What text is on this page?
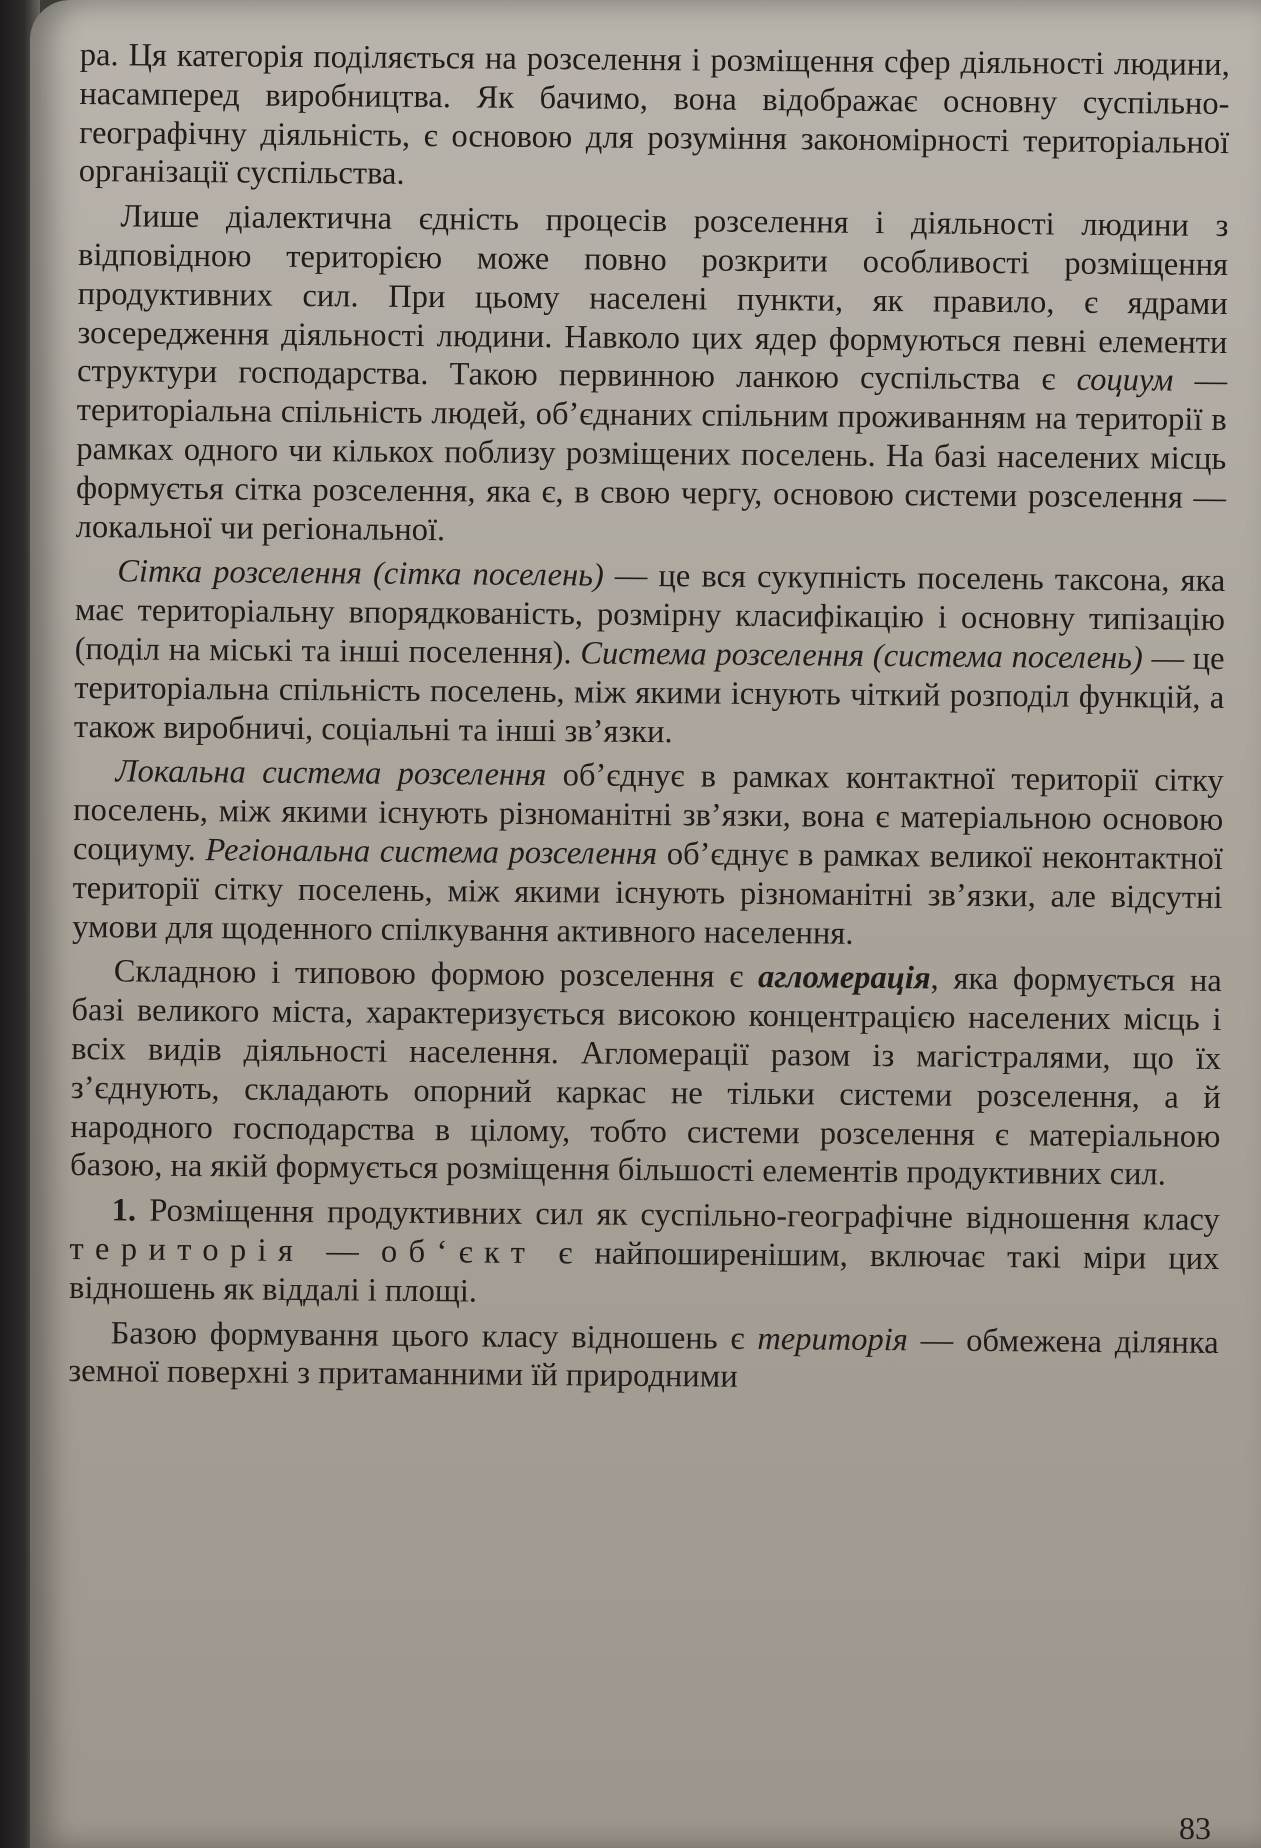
ра. Ця категорія поділяється на розселення і розміщення сфер діяльності людини, насамперед виробництва. Як бачимо, вона відображає основну суспільно-географічну діяльність, є основою для розуміння закономірності територіальної організації суспільства.

Лише діалектична єдність процесів розселення і діяльності людини з відповідною територією може повно розкрити особливості розміщення продуктивних сил. При цьому населені пункти, як правило, є ядрами зосередження діяльності людини. Навколо цих ядер формуються певні елементи структури господарства. Такою первинною ланкою суспільства є социум — територіальна спільність людей, об’єднаних спільним проживанням на території в рамках одного чи кількох поблизу розміщених поселень. На базі населених місць формуєтья сітка розселення, яка є, в свою чергу, основою системи розселення — локальної чи регіональної.

Сітка розселення (сітка поселень) — це вся сукупність поселень таксона, яка має територіальну впорядкованість, розмірну класифікацію і основну типізацію (поділ на міські та інші поселення). Система розселення (система поселень) — це територіальна спільність поселень, між якими існують чіткий розподіл функцій, а також виробничі, соціальні та інші зв’язки.

Локальна система розселення об’єднує в рамках контактної території сітку поселень, між якими існують різноманітні зв’язки, вона є матеріальною основою социуму. Регіональна система розселення об’єднує в рамках великої неконтактної території сітку поселень, між якими існують різноманітні зв’язки, але відсутні умови для щоденного спілкування активного населення.

Складною і типовою формою розселення є агломерація, яка формується на базі великого міста, характеризується високою концентрацією населених місць і всіх видів діяльності населення. Агломерації разом із магістралями, що їх з’єднують, складають опорний каркас не тільки системи розселення, а й народного господарства в цілому, тобто системи розселення є матеріальною базою, на якій формується розміщення більшості елементів продуктивних сил.

1. Розміщення продуктивних сил як суспільно-географічне відношення класу територія — об‘єкт є найпоширенішим, включає такі міри цих відношень як віддалі і площі.

Базою формування цього класу відношень є територія — обмежена ділянка земної поверхні з притаманними їй природними

83
